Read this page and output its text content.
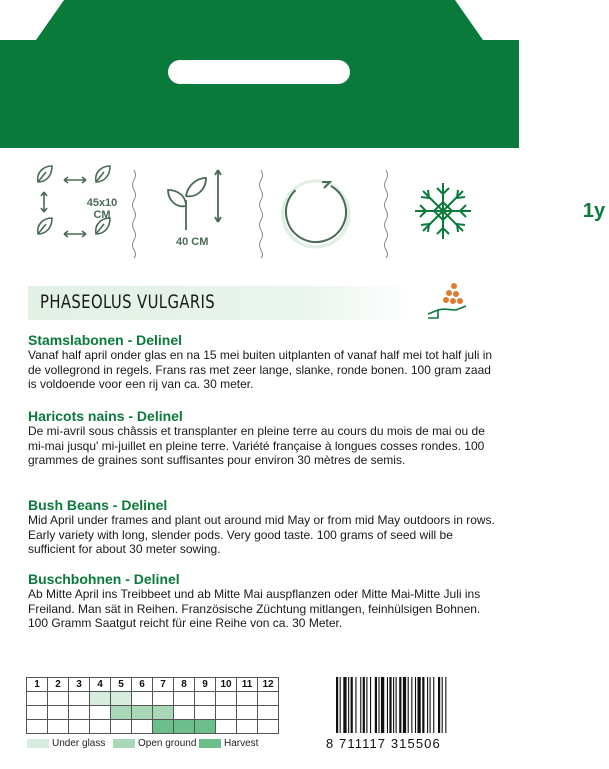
45x10
CM
40 CM
1y
PHASEOLUS VULGARIS
Stamslabonen - Delinel

Vanaf half april onder glas en na 15 mei buiten uitplanten of vanaf half mei tot half juli in de vollegrond in regels. Frans ras met zeer lange, slanke, ronde bonen. 100 gram zaad is voldoende voor een rij van ca. 30 meter.

Haricots nains - Delinel

De mi-avril sous châssis et transplanter en pleine terre au cours du mois de mai ou de mi-mai jusqu' mi-juillet en pleine terre. Variété française à longues cosses rondes. 100 grammes de graines sont suffisantes pour environ 30 mètres de semis.

Bush Beans - Delinel

Mid April under frames and plant out around mid May or from mid May outdoors in rows. Early variety with long, slender pods. Very good taste. 100 grams of seed will be sufficient for about 30 meter sowing.

Buschbohnen - Delinel

Ab Mitte April ins Treibbeet und ab Mitte Mai auspflanzen oder Mitte Mai-Mitte Juli ins Freiland. Man sät in Reihen. Französische Züchtung mitlangen, feinhülsigen Bohnen. 100 Gramm Saatgut reicht für eine Reihe von ca. 30 Meter.

1	2	3	4	5	6	7	8	9	10	11	12

Under glass	Open ground	Harvest	8 711117 315506
